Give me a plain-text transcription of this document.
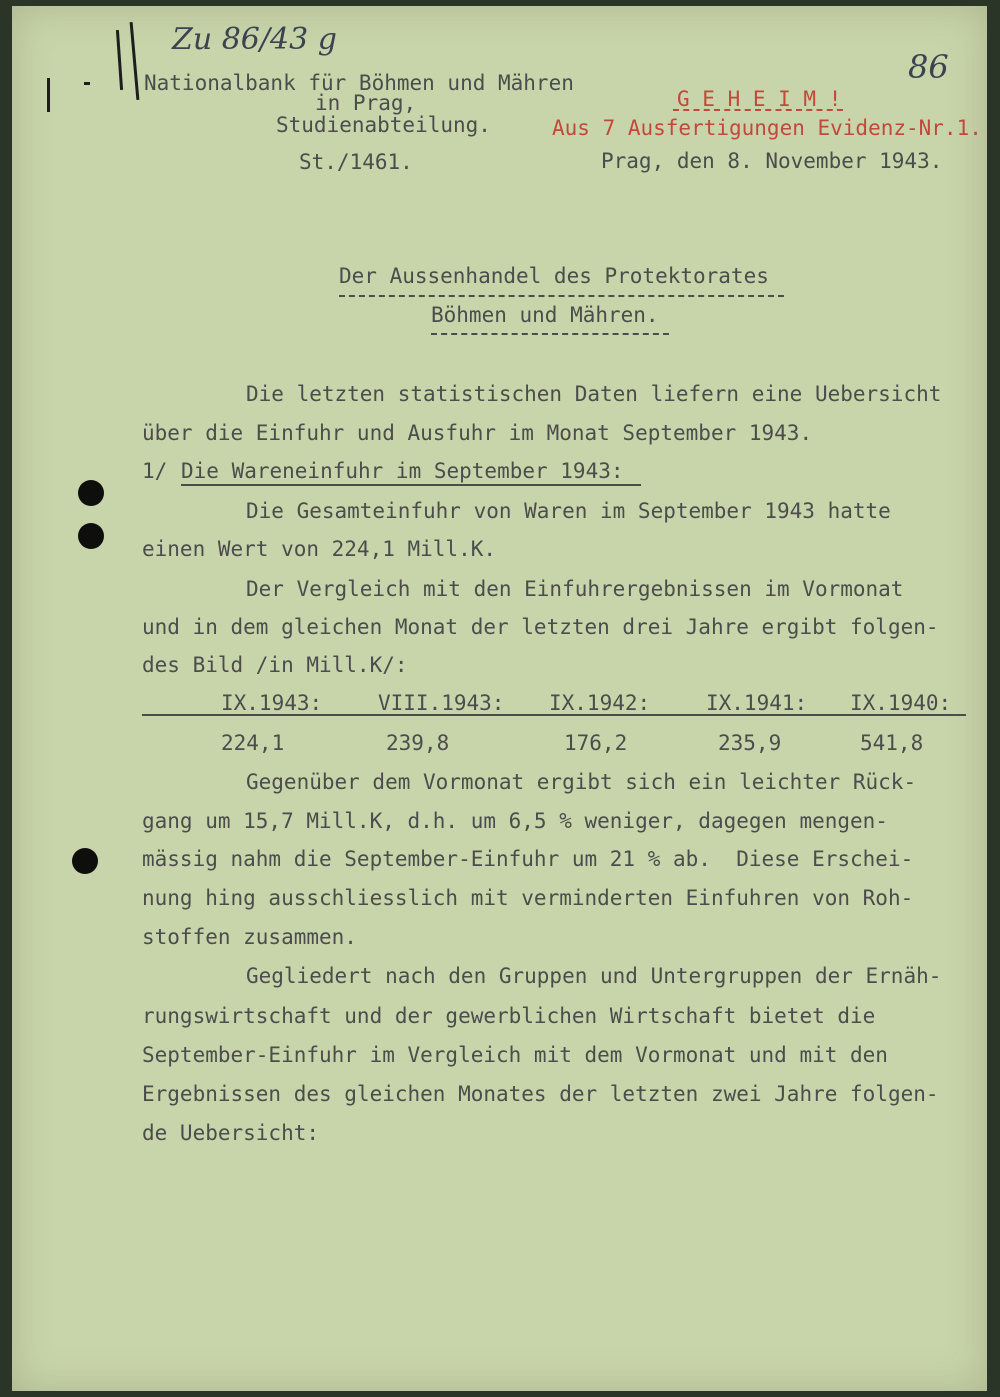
Zu 86/43 g
86
Nationalbank für Böhmen und Mähren
in Prag,
Studienabteilung.
St./1461.
G E H E I M !
Aus 7 Ausfertigungen Evidenz-Nr.1.
Prag, den 8. November 1943.
Der Aussenhandel des Protektorates
Böhmen und Mähren.
Die letzten statistischen Daten liefern eine Uebersicht
über die Einfuhr und Ausfuhr im Monat September 1943.
1/ Die Wareneinfuhr im September 1943:
Die Gesamteinfuhr von Waren im September 1943 hatte
einen Wert von 224,1 Mill.K.
Der Vergleich mit den Einfuhrergebnissen im Vormonat
und in dem gleichen Monat der letzten drei Jahre ergibt folgen-
des Bild /in Mill.K/:
IX.1943:	VIII.1943: IX.1942:	IX.1941: IX.1940:
224,1	239,8	176,2	235,9	541,8
Gegenüber dem Vormonat ergibt sich ein leichter Rück-
gang um 15,7 Mill.K, d.h. um 6,5 % weniger, dagegen mengen-
mässig nahm die September-Einfuhr um 21 % ab.  Diese Erschei-
nung hing ausschliesslich mit verminderten Einfuhren von Roh-
stoffen zusammen.
Gegliedert nach den Gruppen und Untergruppen der Ernäh-
rungswirtschaft und der gewerblichen Wirtschaft bietet die
September-Einfuhr im Vergleich mit dem Vormonat und mit den
Ergebnissen des gleichen Monates der letzten zwei Jahre folgen-
de Uebersicht:
